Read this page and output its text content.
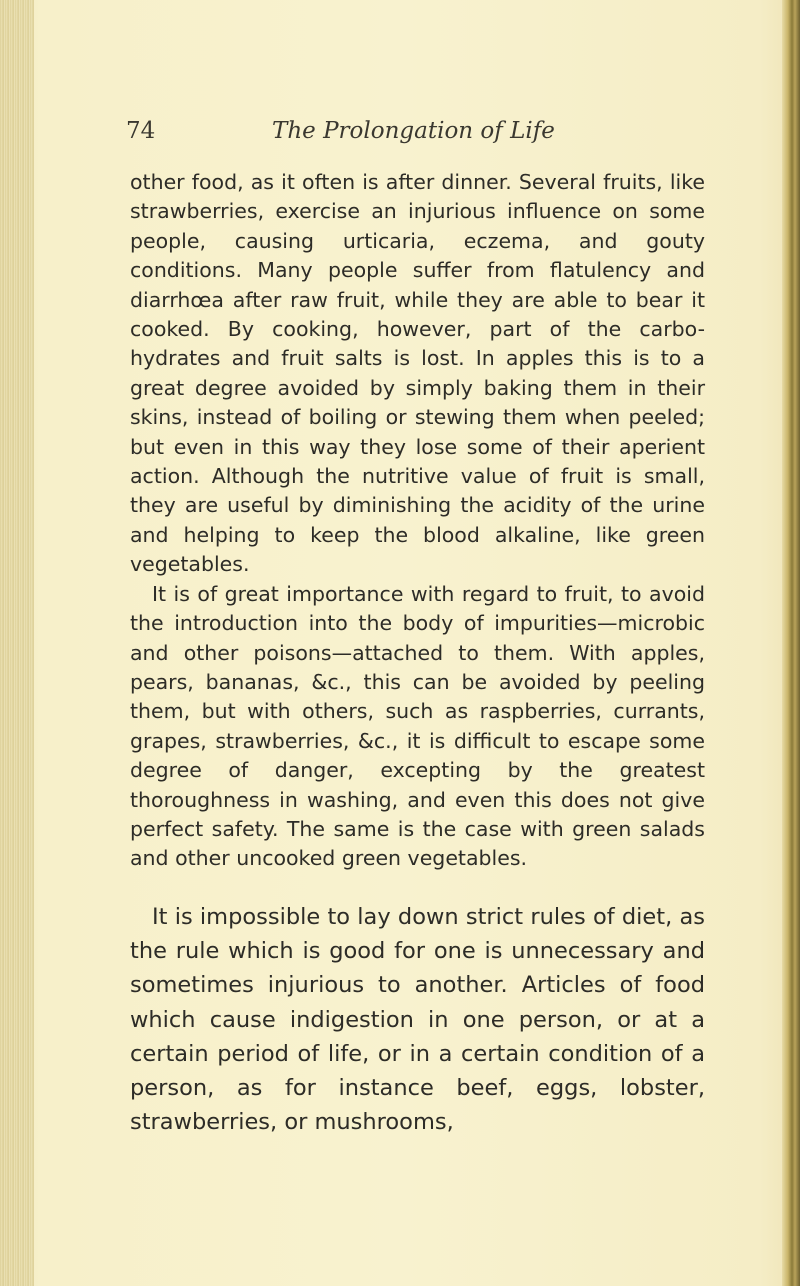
74	The Prolongation of Life

other food, as it often is after dinner. Several fruits, like strawberries, exercise an injurious influence on some people, causing urticaria, eczema, and gouty conditions. Many people suffer from flatulency and diarrhœa after raw fruit, while they are able to bear it cooked. By cooking, however, part of the carbo-hydrates and fruit salts is lost. In apples this is to a great degree avoided by simply baking them in their skins, instead of boiling or stewing them when peeled; but even in this way they lose some of their aperient action. Although the nutritive value of fruit is small, they are useful by diminishing the acidity of the urine and helping to keep the blood alkaline, like green vegetables.

It is of great importance with regard to fruit, to avoid the introduction into the body of impurities—microbic and other poisons—attached to them. With apples, pears, bananas, &c., this can be avoided by peeling them, but with others, such as raspberries, currants, grapes, strawberries, &c., it is difficult to escape some degree of danger, excepting by the greatest thoroughness in washing, and even this does not give perfect safety. The same is the case with green salads and other uncooked green vegetables.

It is impossible to lay down strict rules of diet, as the rule which is good for one is unnecessary and sometimes injurious to another. Articles of food which cause indigestion in one person, or at a certain period of life, or in a certain condition of a person, as for instance beef, eggs, lobster, strawberries, or mushrooms,
